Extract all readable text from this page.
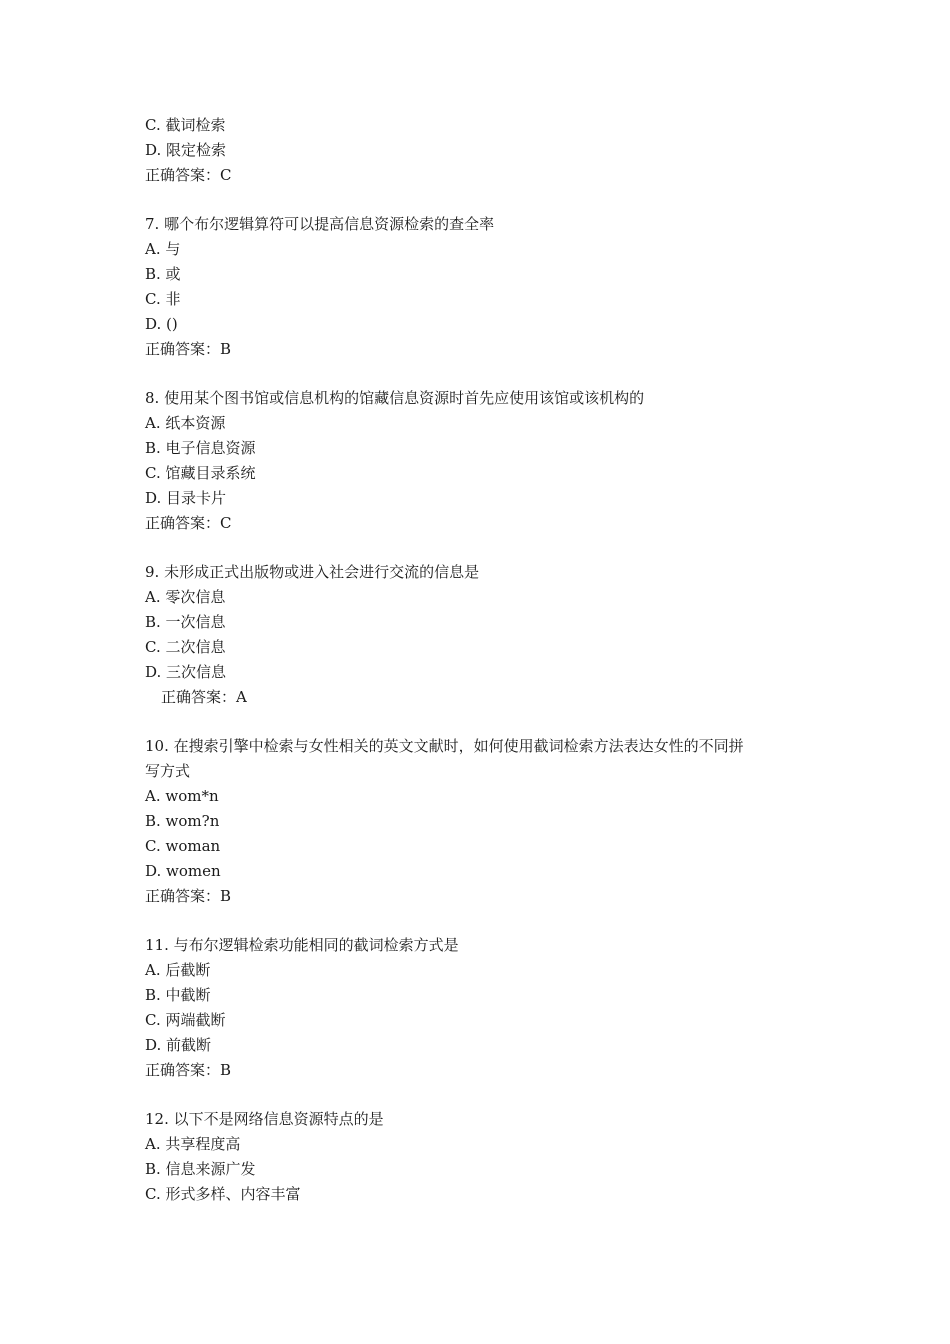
C. 截词检索
D. 限定检索
正确答案：C
7. 哪个布尔逻辑算符可以提高信息资源检索的查全率
A. 与
B. 或
C. 非
D. ()
正确答案：B
8. 使用某个图书馆或信息机构的馆藏信息资源时首先应使用该馆或该机构的
A. 纸本资源
B. 电子信息资源
C. 馆藏目录系统
D. 目录卡片
正确答案：C
9. 未形成正式出版物或进入社会进行交流的信息是
A. 零次信息
B. 一次信息
C. 二次信息
D. 三次信息
正确答案：A
10. 在搜索引擎中检索与女性相关的英文文献时，如何使用截词检索方法表达女性的不同拼
写方式
A. wom*n
B. wom?n
C. woman
D. women
正确答案：B
11. 与布尔逻辑检索功能相同的截词检索方式是
A. 后截断
B. 中截断
C. 两端截断
D. 前截断
正确答案：B
12. 以下不是网络信息资源特点的是
A. 共享程度高
B. 信息来源广发
C. 形式多样、内容丰富
